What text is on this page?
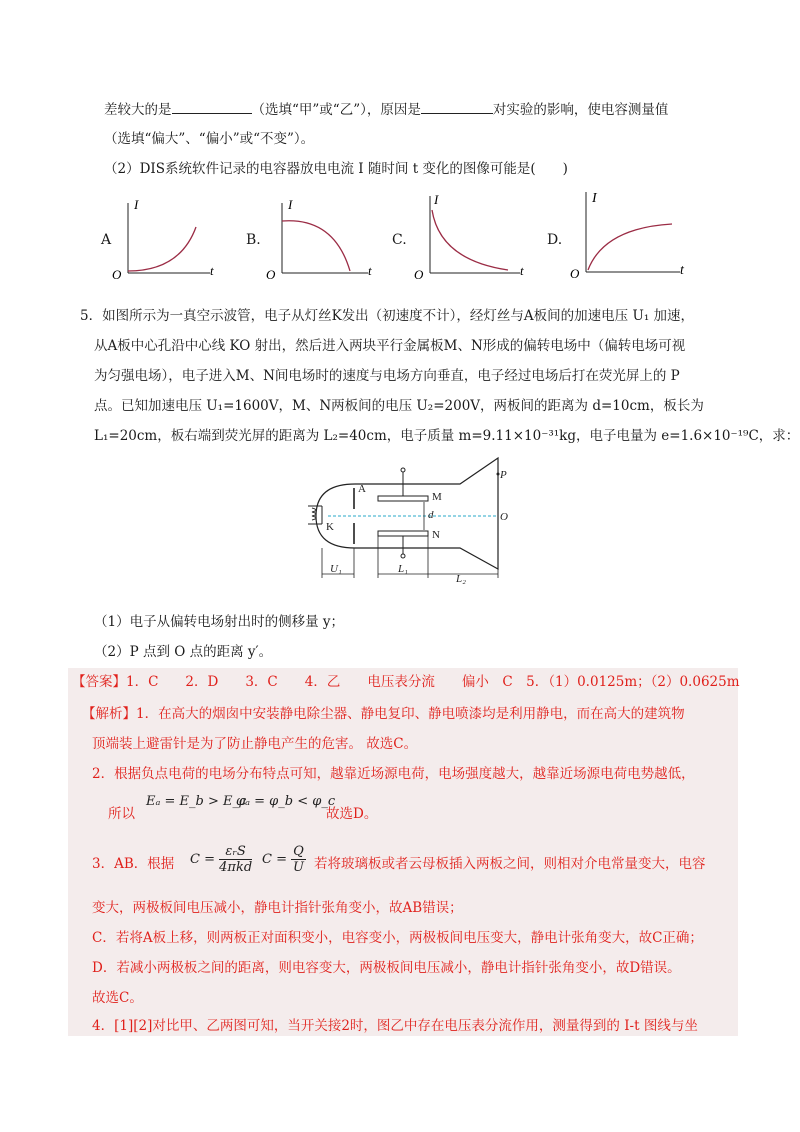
差较大的是	（选填“甲”或“乙”），原因是	对实验的影响，使电容测量值
（选填“偏大”、“偏小”或“不变”）。
（2）DIS系统软件记录的电容器放电电流 I 随时间 t 变化的图像可能是(　　)
A
I
t
O
B.
I
t
O
C.
I
t
O
D.
I
t
O
5．如图所示为一真空示波管，电子从灯丝K发出（初速度不计），经灯丝与A板间的加速电压 U₁ 加速，
从A板中心孔沿中心线 KO 射出，然后进入两块平行金属板M、N形成的偏转电场中（偏转电场可视
为匀强电场），电子进入M、N间电场时的速度与电场方向垂直，电子经过电场后打在荧光屏上的 P
点。已知加速电压 U₁=1600V，M、N两板间的电压 U₂=200V，两板间的距离为 d=10cm，板长为
L₁=20cm，板右端到荧光屏的距离为 L₂=40cm，电子质量 m=9.11×10⁻³¹kg，电子电量为 e=1.6×10⁻¹⁹C，求：
A
M
N
K
d	O
P
U₁	L₁
L₂
（1）电子从偏转电场射出时的侧移量 y；
（2）P 点到 O 点的距离 y′。
【答案】1．C　　2．D　　3．C　　4．乙　　电压表分流　　偏小　C　5．（1）0.0125m；（2）0.0625m
【解析】1．在高大的烟囱中安装静电除尘器、静电复印、静电喷漆均是利用静电，而在高大的建筑物
顶端装上避雷针是为了防止静电产生的危害。 故选C。
2．根据负点电荷的电场分布特点可知，越靠近场源电荷，电场强度越大，越靠近场源电荷电势越低，
所以
Eₐ = E_b > E_c
φₐ = φ_b < φ_c
故选D。
3．AB．根据 $C = \frac{\text{εᵣS}}{\text{4πkd}}$ $C = \frac{Q}{U}$ 若将玻璃板或者云母板插入两板之间，则相对介电常量变大，电容
变大，两极板间电压减小，静电计指针张角变小，故AB错误；
C．若将A板上移，则两板正对面积变小，电容变小，两极板间电压变大，静电计张角变大，故C正确；
D．若减小两极板之间的距离，则电容变大，两极板间电压减小，静电计指针张角变小，故D错误。
故选C。
4．[1][2]对比甲、乙两图可知，当开关接2时，图乙中存在电压表分流作用，测量得到的 I-t 图线与坐
